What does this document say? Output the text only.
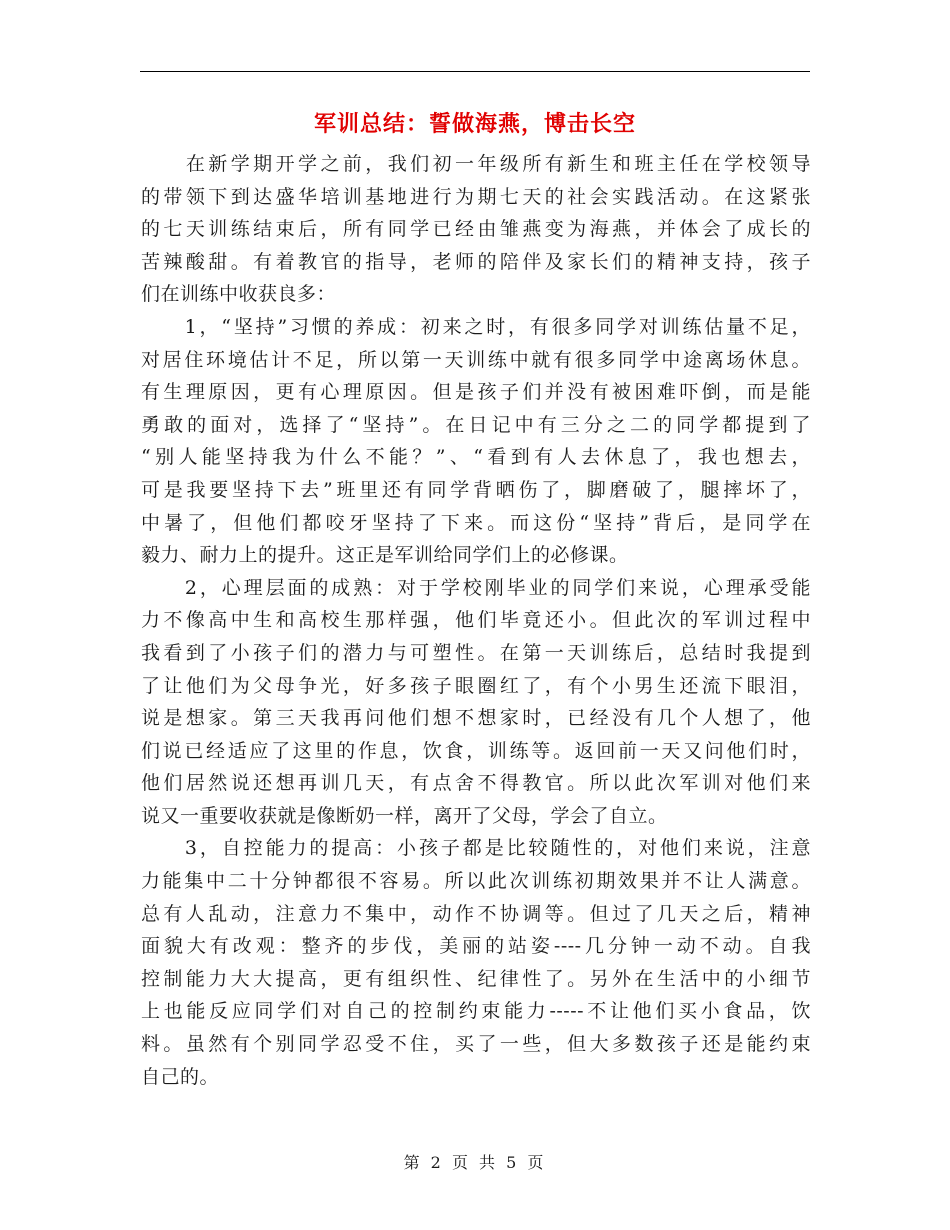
军训总结：誓做海燕，博击长空
　　在新学期开学之前，我们初一年级所有新生和班主任在学校领导
的带领下到达盛华培训基地进行为期七天的社会实践活动。在这紧张
的七天训练结束后，所有同学已经由雏燕变为海燕，并体会了成长的
苦辣酸甜。有着教官的指导，老师的陪伴及家长们的精神支持，孩子
们在训练中收获良多：
　　1，“坚持”习惯的养成：初来之时，有很多同学对训练估量不足，
对居住环境估计不足，所以第一天训练中就有很多同学中途离场休息。
有生理原因，更有心理原因。但是孩子们并没有被困难吓倒，而是能
勇敢的面对，选择了“坚持”。在日记中有三分之二的同学都提到了
“别人能坚持我为什么不能？”、“看到有人去休息了，我也想去，
可是我要坚持下去”班里还有同学背晒伤了，脚磨破了，腿摔坏了，
中暑了，但他们都咬牙坚持了下来。而这份“坚持”背后，是同学在
毅力、耐力上的提升。这正是军训给同学们上的必修课。
　　2，心理层面的成熟：对于学校刚毕业的同学们来说，心理承受能
力不像高中生和高校生那样强，他们毕竟还小。但此次的军训过程中
我看到了小孩子们的潜力与可塑性。在第一天训练后，总结时我提到
了让他们为父母争光，好多孩子眼圈红了，有个小男生还流下眼泪，
说是想家。第三天我再问他们想不想家时，已经没有几个人想了，他
们说已经适应了这里的作息，饮食，训练等。返回前一天又问他们时，
他们居然说还想再训几天，有点舍不得教官。所以此次军训对他们来
说又一重要收获就是像断奶一样，离开了父母，学会了自立。
　　3，自控能力的提高：小孩子都是比较随性的，对他们来说，注意
力能集中二十分钟都很不容易。所以此次训练初期效果并不让人满意。
总有人乱动，注意力不集中，动作不协调等。但过了几天之后，精神
面貌大有改观：整齐的步伐，美丽的站姿----几分钟一动不动。自我
控制能力大大提高，更有组织性、纪律性了。另外在生活中的小细节
上也能反应同学们对自己的控制约束能力-----不让他们买小食品，饮
料。虽然有个别同学忍受不住，买了一些，但大多数孩子还是能约束
自己的。
第 2 页 共 5 页
